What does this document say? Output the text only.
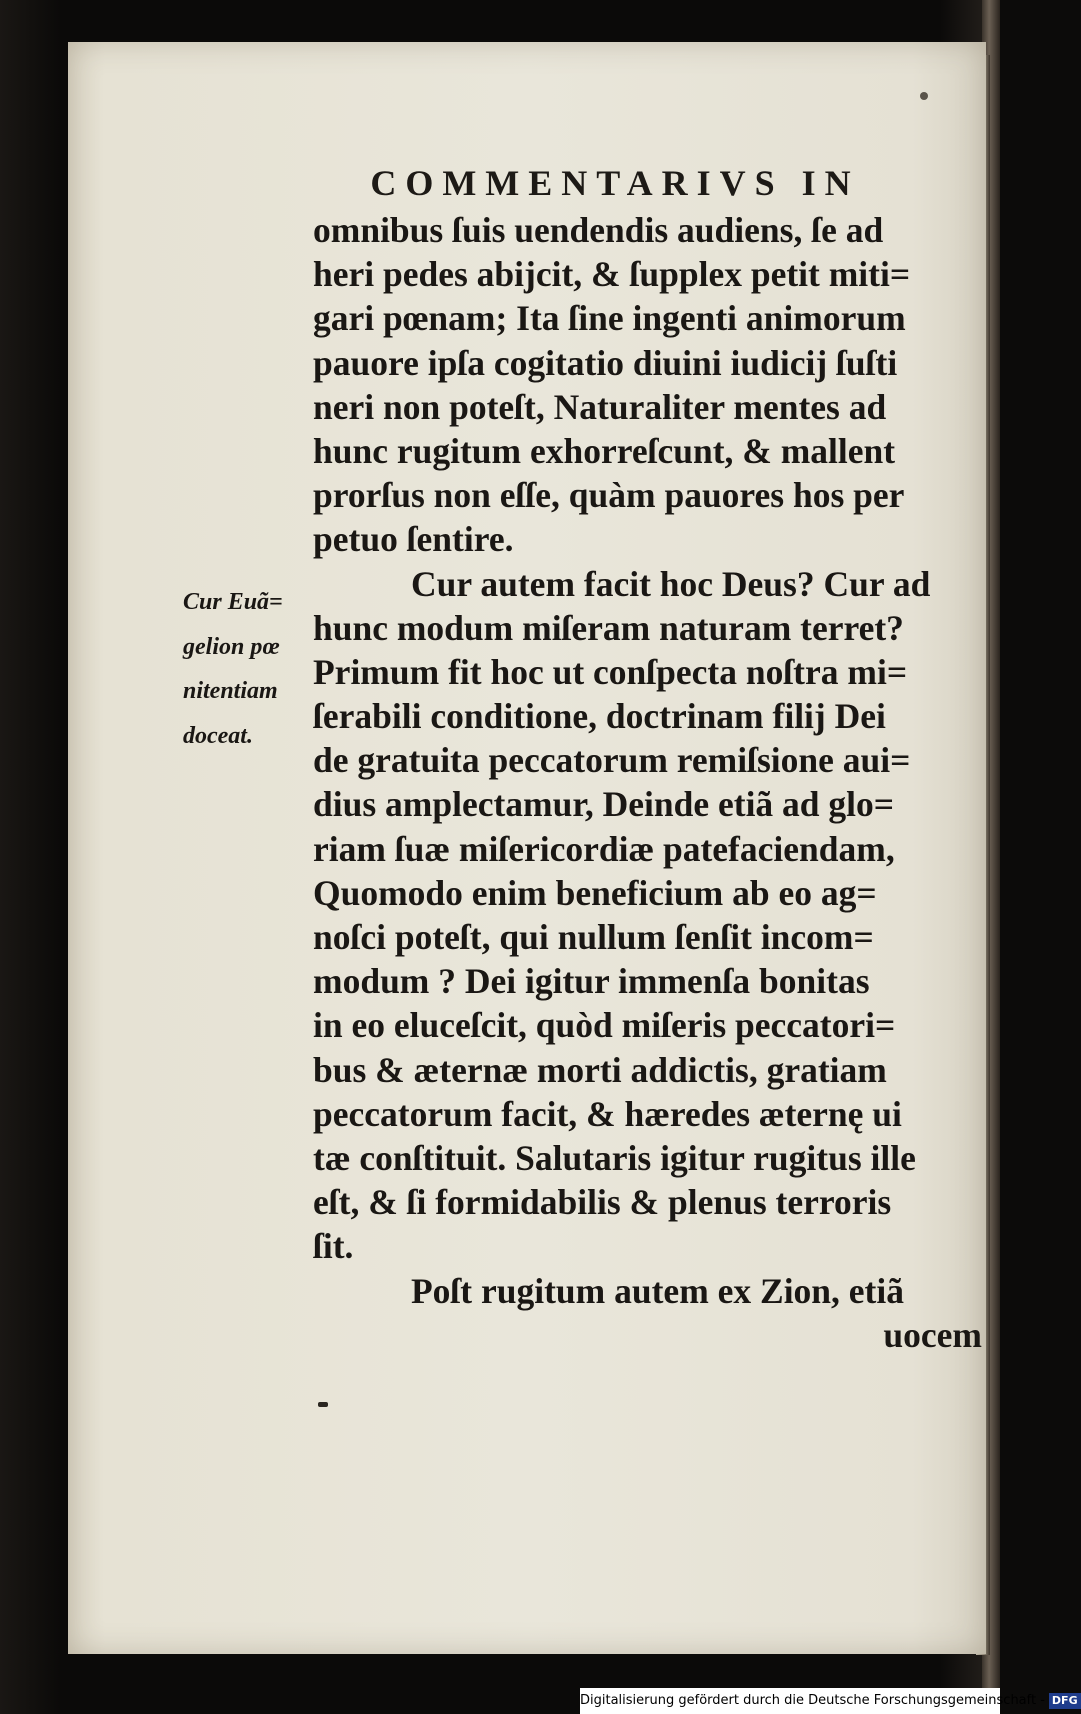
COMMENTARIVS IN
Cur Euã=
gelion pœ
nitentiam
doceat.
omnibus ſuis uendendis audiens, ſe ad
heri pedes abijcit, & ſupplex petit miti=
gari pœnam; Ita ſine ingenti animorum
pauore ipſa cogitatio diuini iudicij ſuſti
neri non poteſt, Naturaliter mentes ad
hunc rugitum exhorreſcunt, & mallent
prorſus non eſſe, quàm pauores hos per
petuo ſentire.
Cur autem facit hoc Deus? Cur ad
hunc modum miſeram naturam terret?
Primum fit hoc ut conſpecta noſtra mi=
ſerabili conditione, doctrinam filij Dei
de gratuita peccatorum remiſsione aui=
dius amplectamur, Deinde etiã ad glo=
riam ſuæ miſericordiæ patefaciendam,
Quomodo enim beneficium ab eo ag=
noſci poteſt, qui nullum ſenſit incom=
modum ? Dei igitur immenſa bonitas
in eo eluceſcit, quòd miſeris peccatori=
bus & æternæ morti addictis, gratiam
peccatorum facit, & hæredes æternę ui
tæ conſtituit. Salutaris igitur rugitus ille
eſt, & ſi formidabilis & plenus terroris
ſit.
Poſt rugitum autem ex Zion, etiã
uocem
Digitalisierung gefördert durch die Deutsche Forschungsgemeinschaft - DFG
